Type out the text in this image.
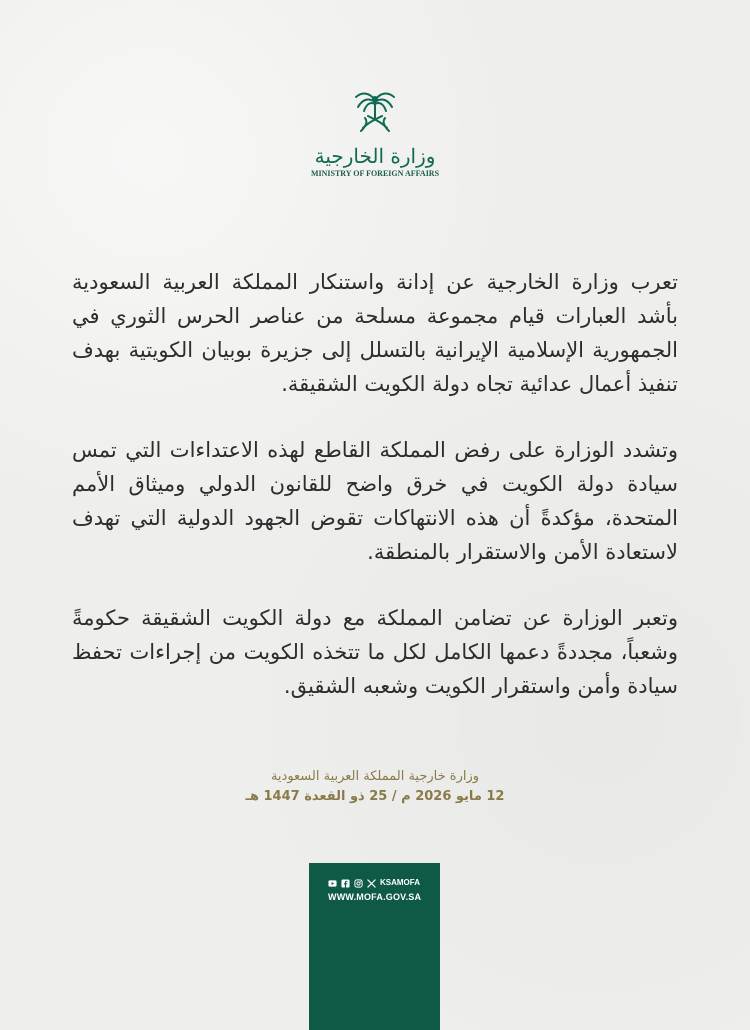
وزارة الخارجية
MINISTRY OF FOREIGN AFFAIRS

تعرب وزارة الخارجية عن إدانة واستنكار المملكة العربية السعودية بأشد العبارات قيام مجموعة مسلحة من عناصر الحرس الثوري في الجمهورية الإسلامية الإيرانية بالتسلل إلى جزيرة بوبيان الكويتية بهدف تنفيذ أعمال عدائية تجاه دولة الكويت الشقيقة.

وتشدد الوزارة على رفض المملكة القاطع لهذه الاعتداءات التي تمس سيادة دولة الكويت في خرق واضح للقانون الدولي وميثاق الأمم المتحدة، مؤكدةً أن هذه الانتهاكات تقوض الجهود الدولية التي تهدف لاستعادة الأمن والاستقرار بالمنطقة.

وتعبر الوزارة عن تضامن المملكة مع دولة الكويت الشقيقة حكومةً وشعباً، مجددةً دعمها الكامل لكل ما تتخذه الكويت من إجراءات تحفظ سيادة وأمن واستقرار الكويت وشعبه الشقيق.

وزارة خارجية المملكة العربية السعودية
12 مايو 2026 م / 25 ذو القعدة 1447 هـ
KSAMOFA
WWW.MOFA.GOV.SA
